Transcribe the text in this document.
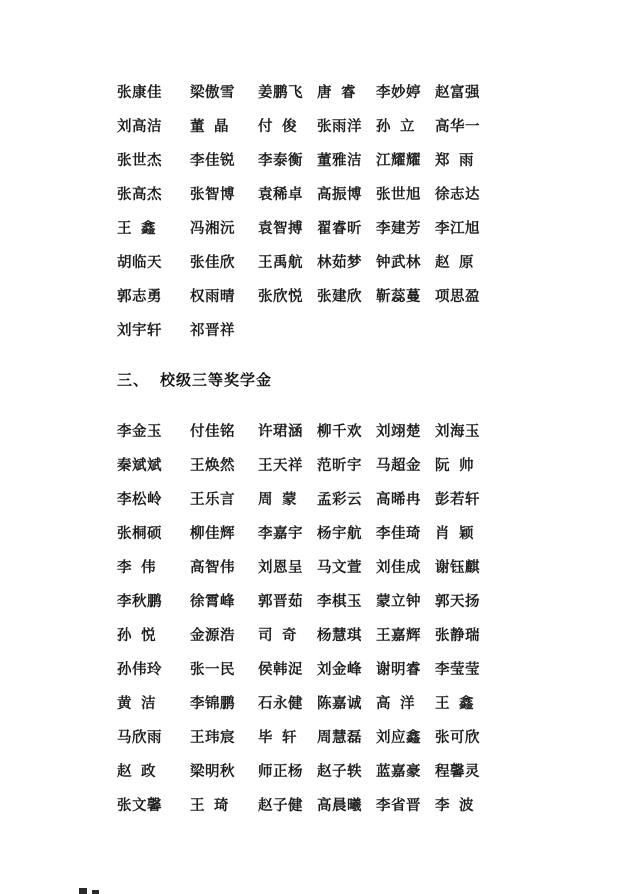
张康佳	梁傲雪	姜鹏飞 唐  睿	李妙婷 赵富强
刘高洁	董  晶	付  俊	张雨洋 孙  立	高华一
张世杰	李佳锐	李泰衡 董雅洁 江耀耀 郑  雨
张高杰	张智博	袁稀卓 高振博 张世旭 徐志达
王  鑫	冯湘沅	袁智搏 翟睿昕 李建芳 李江旭
胡临天	张佳欣	王禹航 林茹梦 钟武林 赵  原
郭志勇	权雨晴	张欣悦 张建欣 靳蕊蔓 项思盈
刘宇轩	祁晋祥
三、 校级三等奖学金
李金玉	付佳铭	许珺涵 柳千欢 刘翊楚 刘海玉
秦斌斌	王焕然	王天祥 范昕宇 马超金 阮  帅
李松岭	王乐言	周  蒙	孟彩云 高晞冉 彭若轩
张桐硕	柳佳辉	李嘉宇 杨宇航 李佳琦 肖  颖
李  伟	高智伟	刘恩呈 马文萱 刘佳成 谢钰麒
李秋鹏	徐霄峰	郭晋茹 李棋玉 蒙立钟 郭天扬
孙  悦	金源浩	司  奇	杨慧琪 王嘉辉 张静瑞
孙伟玲	张一民	侯韩浞 刘金峰 谢明睿 李莹莹
黄  洁	李锦鹏	石永健 陈嘉诚 高  洋	王  鑫
马欣雨	王玮宸	毕  轩	周慧磊 刘应鑫 张可欣
赵  政	梁明秋	师正杨 赵子轶 蓝嘉豪 程馨灵
张文馨	王  琦	赵子健 高晨曦 李省晋 李  波
